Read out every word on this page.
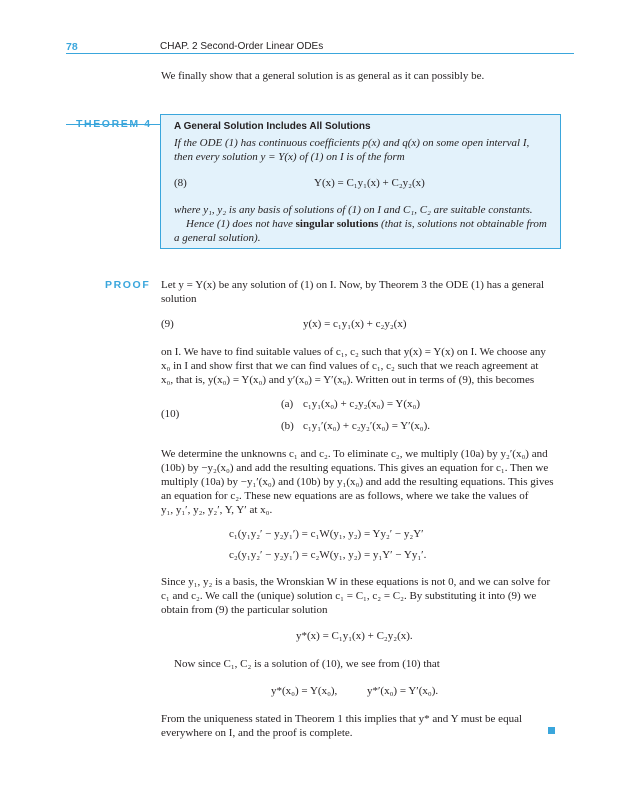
78	CHAP. 2 Second-Order Linear ODEs
We finally show that a general solution is as general as it can possibly be.
THEOREM 4 A General Solution Includes All Solutions
If the ODE (1) has continuous coefficients p(x) and q(x) on some open interval I,
then every solution y = Y(x) of (1) on I is of the form
(8)	Y(x) = C₁y₁(x) + C₂y₂(x)
where y₁, y₂ is any basis of solutions of (1) on I and C₁, C₂ are suitable constants.
Hence (1) does not have singular solutions (that is, solutions not obtainable from
a general solution).
PROOF Let y = Y(x) be any solution of (1) on I. Now, by Theorem 3 the ODE (1) has a general
solution
(9)	y(x) = c₁y₁(x) + c₂y₂(x)
on I. We have to find suitable values of c₁, c₂ such that y(x) = Y(x) on I. We choose any
x₀ in I and show first that we can find values of c₁, c₂ such that we reach agreement at
x₀, that is, y(x₀) = Y(x₀) and y′(x₀) = Y′(x₀). Written out in terms of (9), this becomes
(10)
(a) c₁y₁(x₀) + c₂y₂(x₀) = Y(x₀)
(b) c₁y₁′(x₀) + c₂y₂′(x₀) = Y′(x₀).
We determine the unknowns c₁ and c₂. To eliminate c₂, we multiply (10a) by y₂′(x₀) and
(10b) by −y₂(x₀) and add the resulting equations. This gives an equation for c₁. Then we
multiply (10a) by −y₁′(x₀) and (10b) by y₁(x₀) and add the resulting equations. This gives
an equation for c₂. These new equations are as follows, where we take the values of
y₁, y₁′, y₂, y₂′, Y, Y′ at x₀.
c₁(y₁y₂′ − y₂y₁′) = c₁W(y₁, y₂) = Yy₂′ − y₂Y′
c₂(y₁y₂′ − y₂y₁′) = c₂W(y₁, y₂) = y₁Y′ − Yy₁′.
Since y₁, y₂ is a basis, the Wronskian W in these equations is not 0, and we can solve for
c₁ and c₂. We call the (unique) solution c₁ = C₁, c₂ = C₂. By substituting it into (9) we
obtain from (9) the particular solution
y*(x) = C₁y₁(x) + C₂y₂(x).
Now since C₁, C₂ is a solution of (10), we see from (10) that
y*(x₀) = Y(x₀),	y*′(x₀) = Y′(x₀).
From the uniqueness stated in Theorem 1 this implies that y* and Y must be equal
everywhere on I, and the proof is complete.
